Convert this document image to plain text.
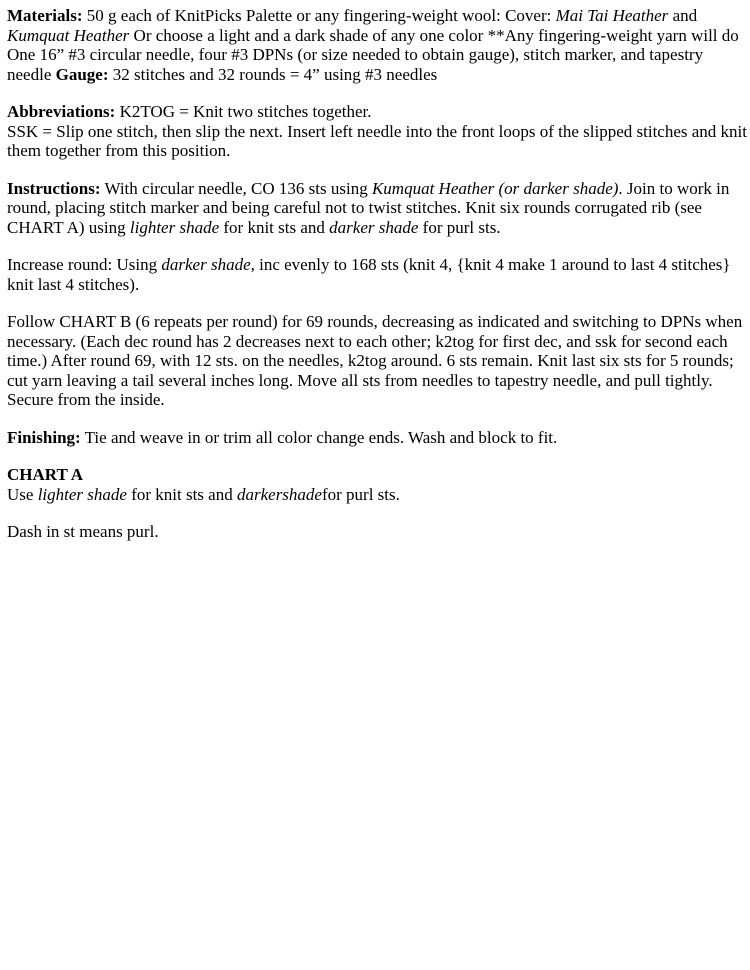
Materials: 50 g each of KnitPicks Palette or any fingering-weight wool: Cover: Mai Tai Heather and Kumquat Heather Or choose a light and a dark shade of any one color **Any fingering-weight yarn will do
One 16” #3 circular needle, four #3 DPNs (or size needed to obtain gauge), stitch marker, and tapestry needle Gauge: 32 stitches and 32 rounds = 4” using #3 needles

Abbreviations: K2TOG = Knit two stitches together.
SSK = Slip one stitch, then slip the next. Insert left needle into the front loops of the slipped stitches and knit them together from this position.

Instructions: With circular needle, CO 136 sts using Kumquat Heather (or darker shade). Join to work in round, placing stitch marker and being careful not to twist stitches. Knit six rounds corrugated rib (see CHART A) using lighter shade for knit sts and darker shade for purl sts.

Increase round: Using darker shade, inc evenly to 168 sts (knit 4, {knit 4 make 1 around to last 4 stitches} knit last 4 stitches).

Follow CHART B (6 repeats per round) for 69 rounds, decreasing as indicated and switching to DPNs when necessary. (Each dec round has 2 decreases next to each other; k2tog for first dec, and ssk for second each time.) After round 69, with 12 sts. on the needles, k2tog around. 6 sts remain. Knit last six sts for 5 rounds; cut yarn leaving a tail several inches long. Move all sts from needles to tapestry needle, and pull tightly. Secure from the inside.

Finishing: Tie and weave in or trim all color change ends. Wash and block to fit.

CHART A

Use lighter shade for knit sts and darkershadefor purl sts.

Dash in st means purl.
